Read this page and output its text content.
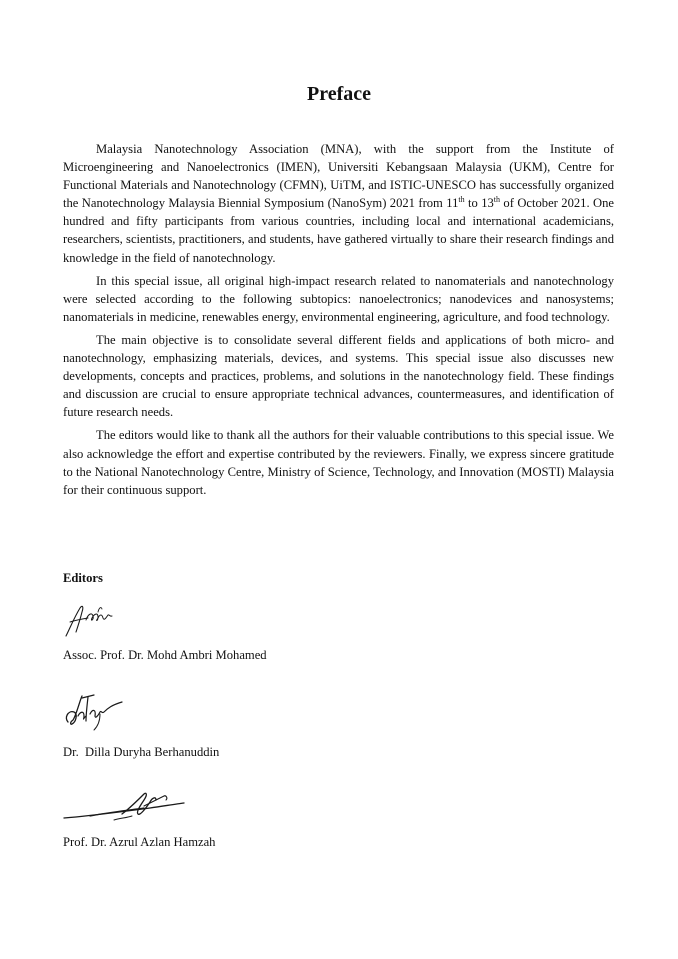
Preface

Malaysia Nanotechnology Association (MNA), with the support from the Institute of Microengineering and Nanoelectronics (IMEN), Universiti Kebangsaan Malaysia (UKM), Centre for Functional Materials and Nanotechnology (CFMN), UiTM, and ISTIC-UNESCO has successfully organized the Nanotechnology Malaysia Biennial Symposium (NanoSym) 2021 from 11th to 13th of October 2021. One hundred and fifty participants from various countries, including local and international academicians, researchers, scientists, practitioners, and students, have gathered virtually to share their research findings and knowledge in the field of nanotechnology.

In this special issue, all original high-impact research related to nanomaterials and nanotechnology were selected according to the following subtopics: nanoelectronics; nanodevices and nanosystems; nanomaterials in medicine, renewables energy, environmental engineering, agriculture, and food technology.

The main objective is to consolidate several different fields and applications of both micro- and nanotechnology, emphasizing materials, devices, and systems. This special issue also discusses new developments, concepts and practices, problems, and solutions in the nanotechnology field. These findings and discussion are crucial to ensure appropriate technical advances, countermeasures, and identification of future research needs.

The editors would like to thank all the authors for their valuable contributions to this special issue. We also acknowledge the effort and expertise contributed by the reviewers. Finally, we express sincere gratitude to the National Nanotechnology Centre, Ministry of Science, Technology, and Innovation (MOSTI) Malaysia for their continuous support.

Editors
Assoc. Prof. Dr. Mohd Ambri Mohamed
Dr.  Dilla Duryha Berhanuddin
Prof. Dr. Azrul Azlan Hamzah
